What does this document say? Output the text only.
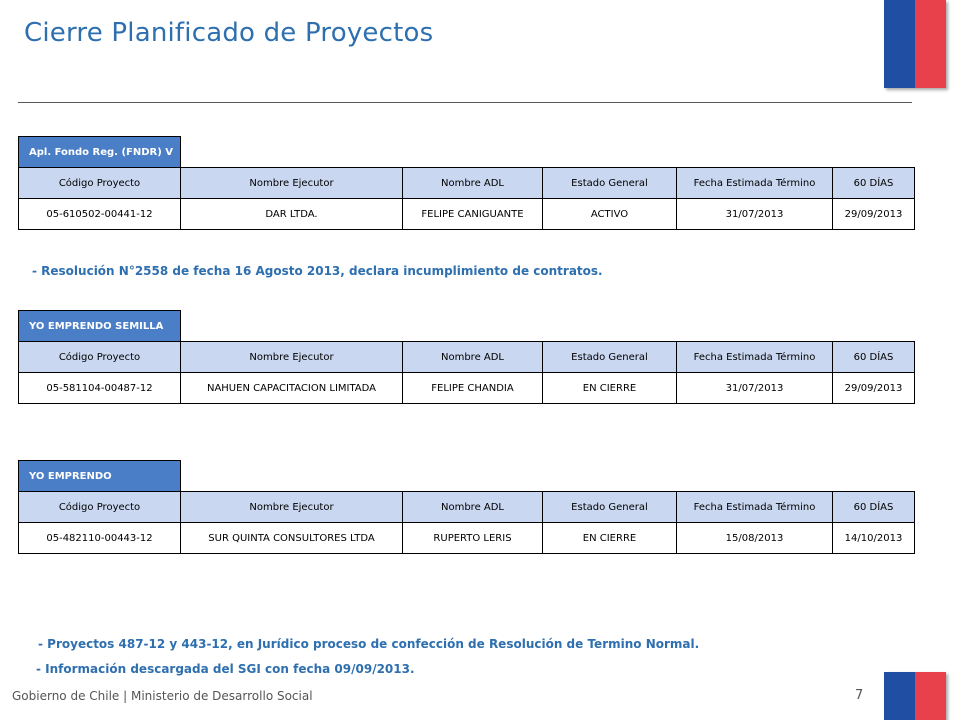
Cierre Planificado de Proyectos
Apl. Fondo Reg. (FNDR) V					
Código Proyecto	Nombre Ejecutor	Nombre ADL	Estado General	Fecha Estimada Término	60 DÍAS
05-610502-00441-12	DAR LTDA.	FELIPE CANIGUANTE	ACTIVO	31/07/2013	29/09/2013
- Resolución N°2558 de fecha 16 Agosto 2013, declara incumplimiento de contratos.
YO EMPRENDO SEMILLA					
Código Proyecto	Nombre Ejecutor	Nombre ADL	Estado General	Fecha Estimada Término	60 DÍAS
05-581104-00487-12	NAHUEN CAPACITACION LIMITADA	FELIPE CHANDIA	EN CIERRE	31/07/2013	29/09/2013
YO EMPRENDO					
Código Proyecto	Nombre Ejecutor	Nombre ADL	Estado General	Fecha Estimada Término	60 DÍAS
05-482110-00443-12	SUR QUINTA CONSULTORES LTDA	RUPERTO LERIS	EN CIERRE	15/08/2013	14/10/2013
- Proyectos 487-12 y 443-12, en Jurídico proceso de confección de Resolución de Termino Normal.
- Información descargada del SGI con fecha 09/09/2013.
Gobierno de Chile | Ministerio de Desarrollo Social	7
